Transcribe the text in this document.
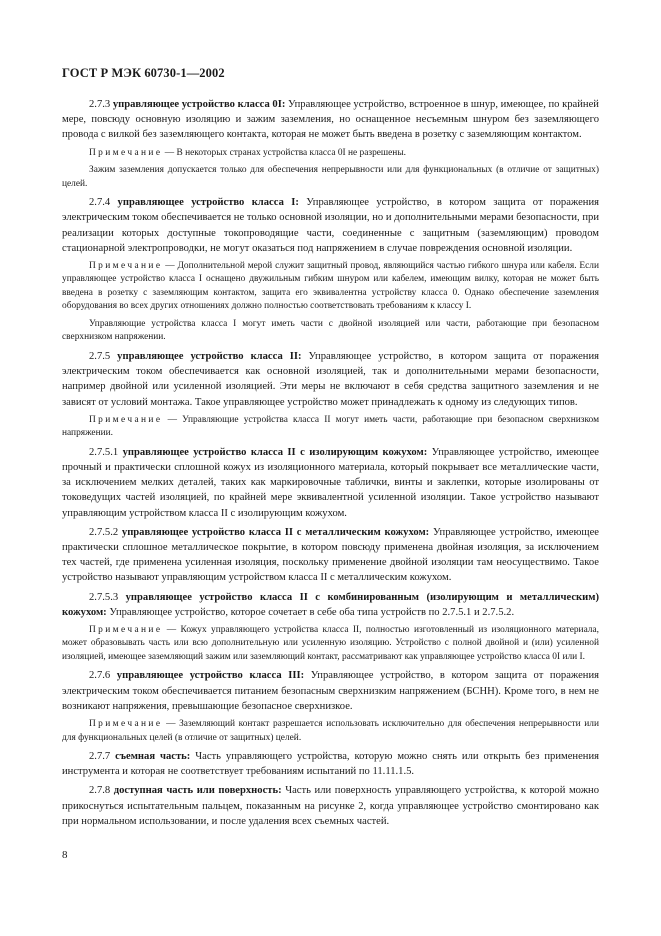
ГОСТ Р МЭК 60730-1—2002

2.7.3 управляющее устройство класса 0I: Управляющее устройство, встроенное в шнур, имеющее, по крайней мере, повсюду основную изоляцию и зажим заземления, но оснащенное несъемным шнуром без заземляющего провода с вилкой без заземляющего контакта, которая не может быть введена в розетку с заземляющим контактом.

Примечание — В некоторых странах устройства класса 0I не разрешены.

Зажим заземления допускается только для обеспечения непрерывности или для функциональных (в отличие от защитных) целей.

2.7.4 управляющее устройство класса I: Управляющее устройство, в котором защита от поражения электрическим током обеспечивается не только основной изоляции, но и дополнительными мерами безопасности, при реализации которых доступные токопроводящие части, соединенные с защитным (заземляющим) проводом стационарной электропроводки, не могут оказаться под напряжением в случае повреждения основной изоляции.

Примечание — Дополнительной мерой служит защитный провод, являющийся частью гибкого шнура или кабеля. Если управляющее устройство класса I оснащено двужильным гибким шнуром или кабелем, имеющим вилку, которая не может быть введена в розетку с заземляющим контактом, защита его эквивалентна устройству класса 0. Однако обеспечение заземления оборудования во всех других отношениях должно полностью соответствовать требованиям к классу I.

Управляющие устройства класса I могут иметь части с двойной изоляцией или части, работающие при безопасном сверхнизком напряжении.

2.7.5 управляющее устройство класса II: Управляющее устройство, в котором защита от поражения электрическим током обеспечивается как основной изоляцией, так и дополнительными мерами безопасности, например двойной или усиленной изоляцией. Эти меры не включают в себя средства защитного заземления и не зависят от условий монтажа. Такое управляющее устройство может принадлежать к одному из следующих типов.

Примечание — Управляющие устройства класса II могут иметь части, работающие при безопасном сверхнизком напряжении.

2.7.5.1 управляющее устройство класса II с изолирующим кожухом: Управляющее устройство, имеющее прочный и практически сплошной кожух из изоляционного материала, который покрывает все металлические части, за исключением мелких деталей, таких как маркировочные таблички, винты и заклепки, которые изолированы от токоведущих частей изоляцией, по крайней мере эквивалентной усиленной изоляции. Такое устройство называют управляющим устройством класса II с изолирующим кожухом.

2.7.5.2 управляющее устройство класса II с металлическим кожухом: Управляющее устройство, имеющее практически сплошное металлическое покрытие, в котором повсюду применена двойная изоляция, за исключением тех частей, где применена усиленная изоляция, поскольку применение двойной изоляции там неосуществимо. Такое устройство называют управляющим устройством класса II с металлическим кожухом.

2.7.5.3 управляющее устройство класса II с комбинированным (изолирующим и металлическим) кожухом: Управляющее устройство, которое сочетает в себе оба типа устройств по 2.7.5.1 и 2.7.5.2.

Примечание — Кожух управляющего устройства класса II, полностью изготовленный из изоляционного материала, может образовывать часть или всю дополнительную или усиленную изоляцию. Устройство с полной двойной и (или) усиленной изоляцией, имеющее заземляющий зажим или заземляющий контакт, рассматривают как управляющее устройство класса 0I или I.

2.7.6 управляющее устройство класса III: Управляющее устройство, в котором защита от поражения электрическим током обеспечивается питанием безопасным сверхнизким напряжением (БСНН). Кроме того, в нем не возникают напряжения, превышающие безопасное сверхнизкое.

Примечание — Заземляющий контакт разрешается использовать исключительно для обеспечения непрерывности или для функциональных целей (в отличие от защитных) целей.

2.7.7 съемная часть: Часть управляющего устройства, которую можно снять или открыть без применения инструмента и которая не соответствует требованиям испытаний по 11.11.1.5.

2.7.8 доступная часть или поверхность: Часть или поверхность управляющего устройства, к которой можно прикоснуться испытательным пальцем, показанным на рисунке 2, когда управляющее устройство смонтировано как при нормальном использовании, и после удаления всех съемных частей.

8
